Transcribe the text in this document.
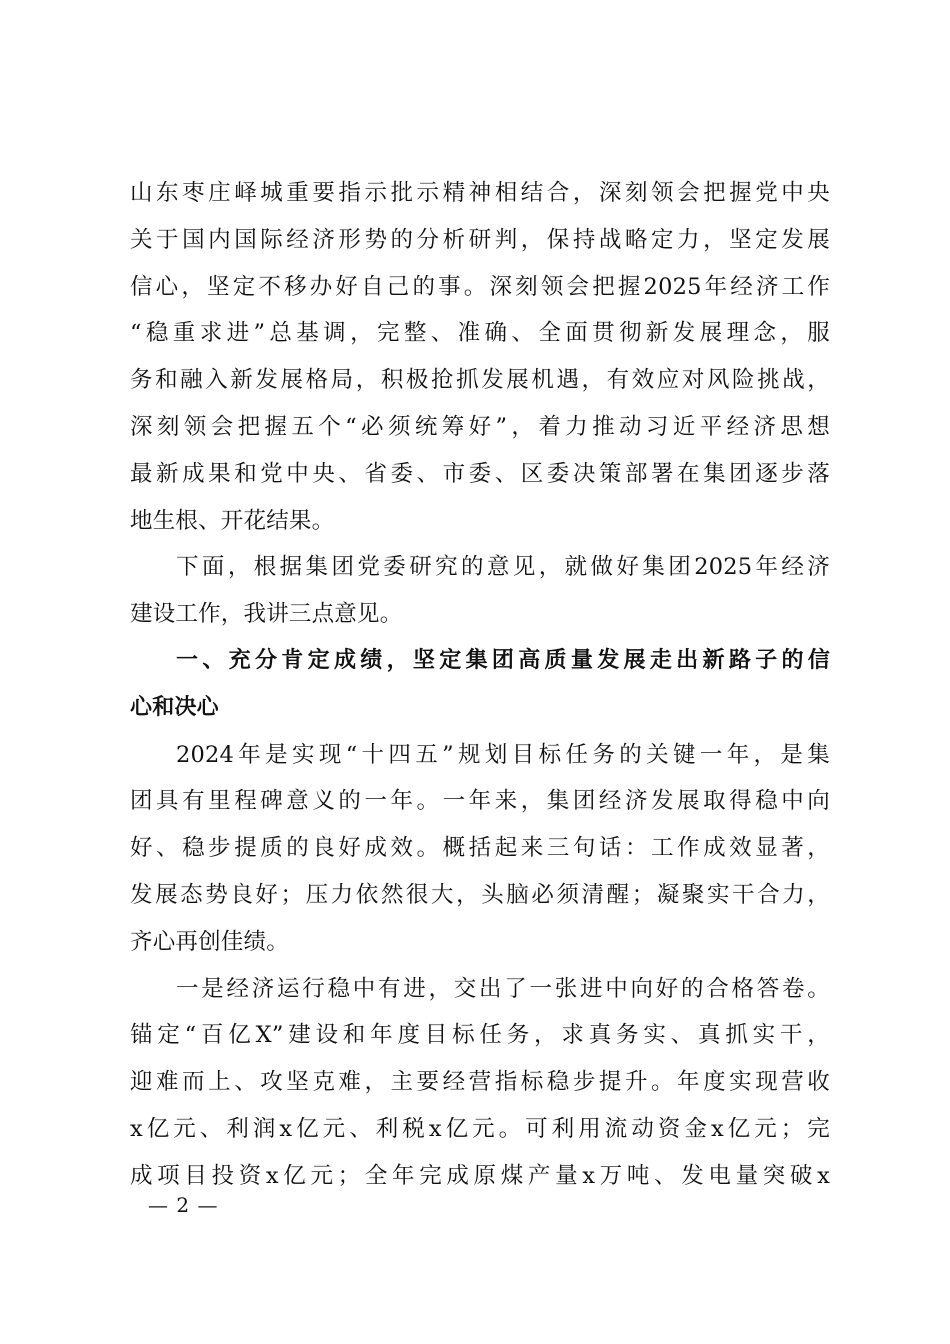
山东枣庄峄城重要指示批示精神相结合，深刻领会把握党中央
关于国内国际经济形势的分析研判，保持战略定力，坚定发展
信心，坚定不移办好自己的事。深刻领会把握2025年经济工作
“稳重求进”总基调，完整、准确、全面贯彻新发展理念，服
务和融入新发展格局，积极抢抓发展机遇，有效应对风险挑战，
深刻领会把握五个“必须统筹好”，着力推动习近平经济思想
最新成果和党中央、省委、市委、区委决策部署在集团逐步落
地生根、开花结果。
下面，根据集团党委研究的意见，就做好集团2025年经济
建设工作，我讲三点意见。
一、充分肯定成绩，坚定集团高质量发展走出新路子的信
心和决心
2024年是实现“十四五”规划目标任务的关键一年，是集
团具有里程碑意义的一年。一年来，集团经济发展取得稳中向
好、稳步提质的良好成效。概括起来三句话：工作成效显著，
发展态势良好；压力依然很大，头脑必须清醒；凝聚实干合力，
齐心再创佳绩。
一是经济运行稳中有进，交出了一张进中向好的合格答卷。
锚定“百亿X”建设和年度目标任务，求真务实、真抓实干，
迎难而上、攻坚克难，主要经营指标稳步提升。年度实现营收
x亿元、利润x亿元、利税x亿元。可利用流动资金x亿元；完
成项目投资x亿元；全年完成原煤产量x万吨、发电量突破x
— 2 —
